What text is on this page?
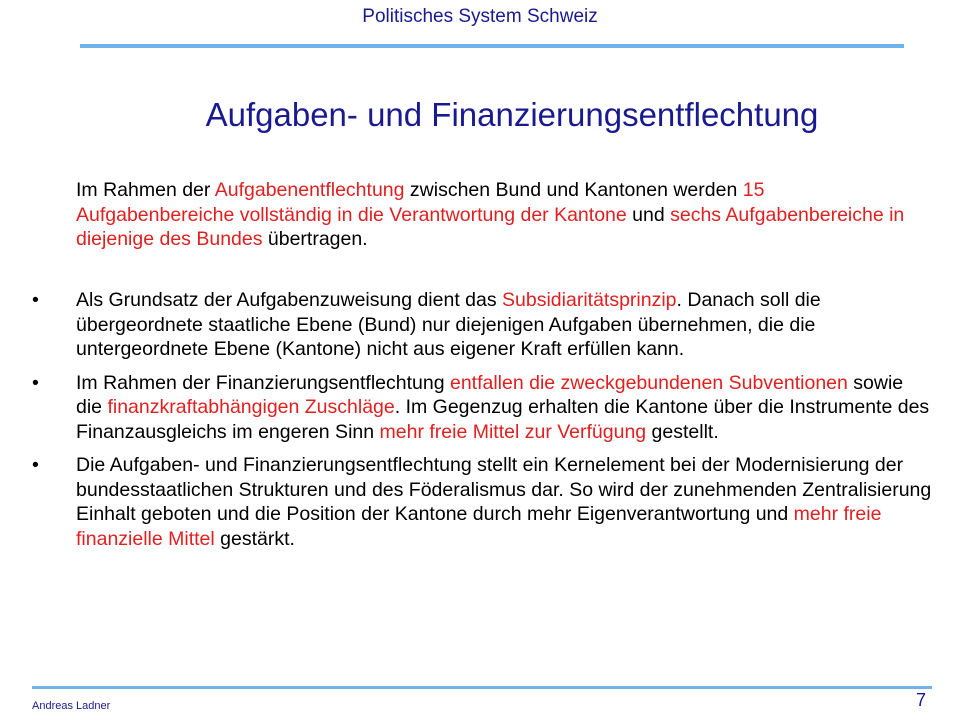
Politisches System Schweiz
Aufgaben- und Finanzierungsentflechtung
Im Rahmen der Aufgabenentflechtung zwischen Bund und Kantonen werden 15 Aufgabenbereiche vollständig in die Verantwortung der Kantone und sechs Aufgabenbereiche in diejenige des Bundes übertragen.
•	Als Grundsatz der Aufgabenzuweisung dient das Subsidiaritätsprinzip. Danach soll die übergeordnete staatliche Ebene (Bund) nur diejenigen Aufgaben übernehmen, die die untergeordnete Ebene (Kantone) nicht aus eigener Kraft erfüllen kann.
•	Im Rahmen der Finanzierungsentflechtung entfallen die zweckgebundenen Subventionen sowie die finanzkraftabhängigen Zuschläge. Im Gegenzug erhalten die Kantone über die Instrumente des Finanzausgleichs im engeren Sinn mehr freie Mittel zur Verfügung gestellt.
•	Die Aufgaben- und Finanzierungsentflechtung stellt ein Kernelement bei der Modernisierung der bundesstaatlichen Strukturen und des Föderalismus dar. So wird der zunehmenden Zentralisierung Einhalt geboten und die Position der Kantone durch mehr Eigenverantwortung und mehr freie finanzielle Mittel gestärkt.
Andreas Ladner	7
